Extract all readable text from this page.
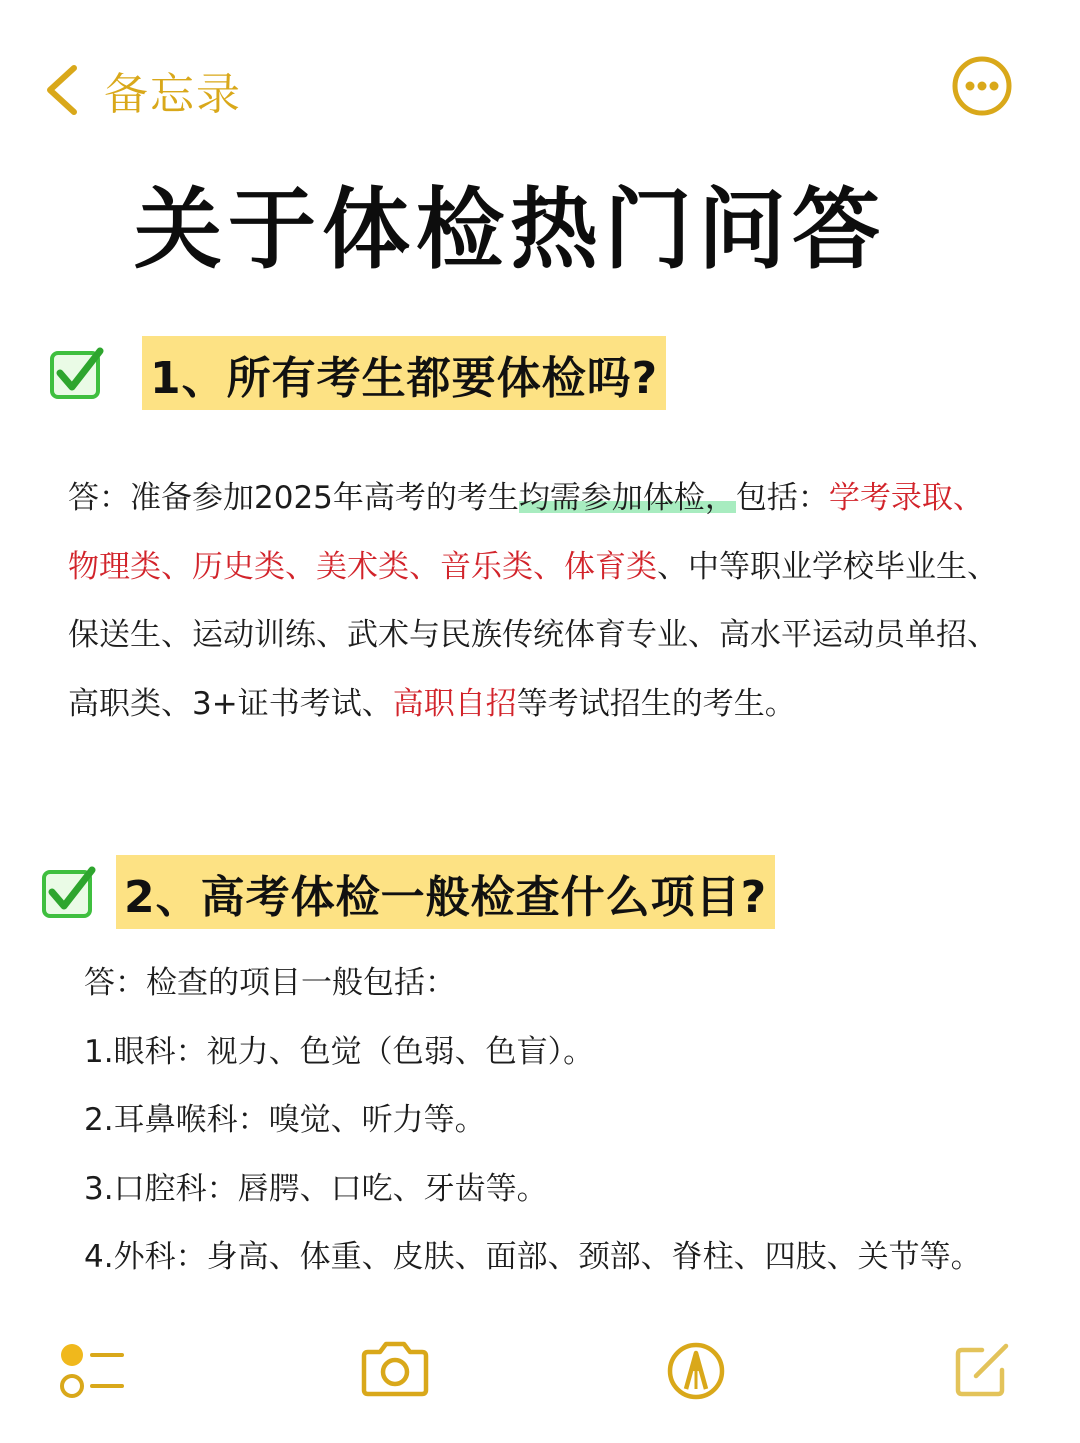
备忘录
关于体检热门问答
1、所有考生都要体检吗?
答：准备参加2025年高考的考生均需参加体检，包括：学考录取、物理类、历史类、美术类、音乐类、体育类、中等职业学校毕业生、保送生、运动训练、武术与民族传统体育专业、高水平运动员单招、高职类、3+证书考试、高职自招等考试招生的考生。
2、高考体检一般检查什么项目?
答：检查的项目一般包括：
1.眼科：视力、色觉（色弱、色盲）。
2.耳鼻喉科：嗅觉、听力等。
3.口腔科：唇腭、口吃、牙齿等。
4.外科：身高、体重、皮肤、面部、颈部、脊柱、四肢、关节等。
